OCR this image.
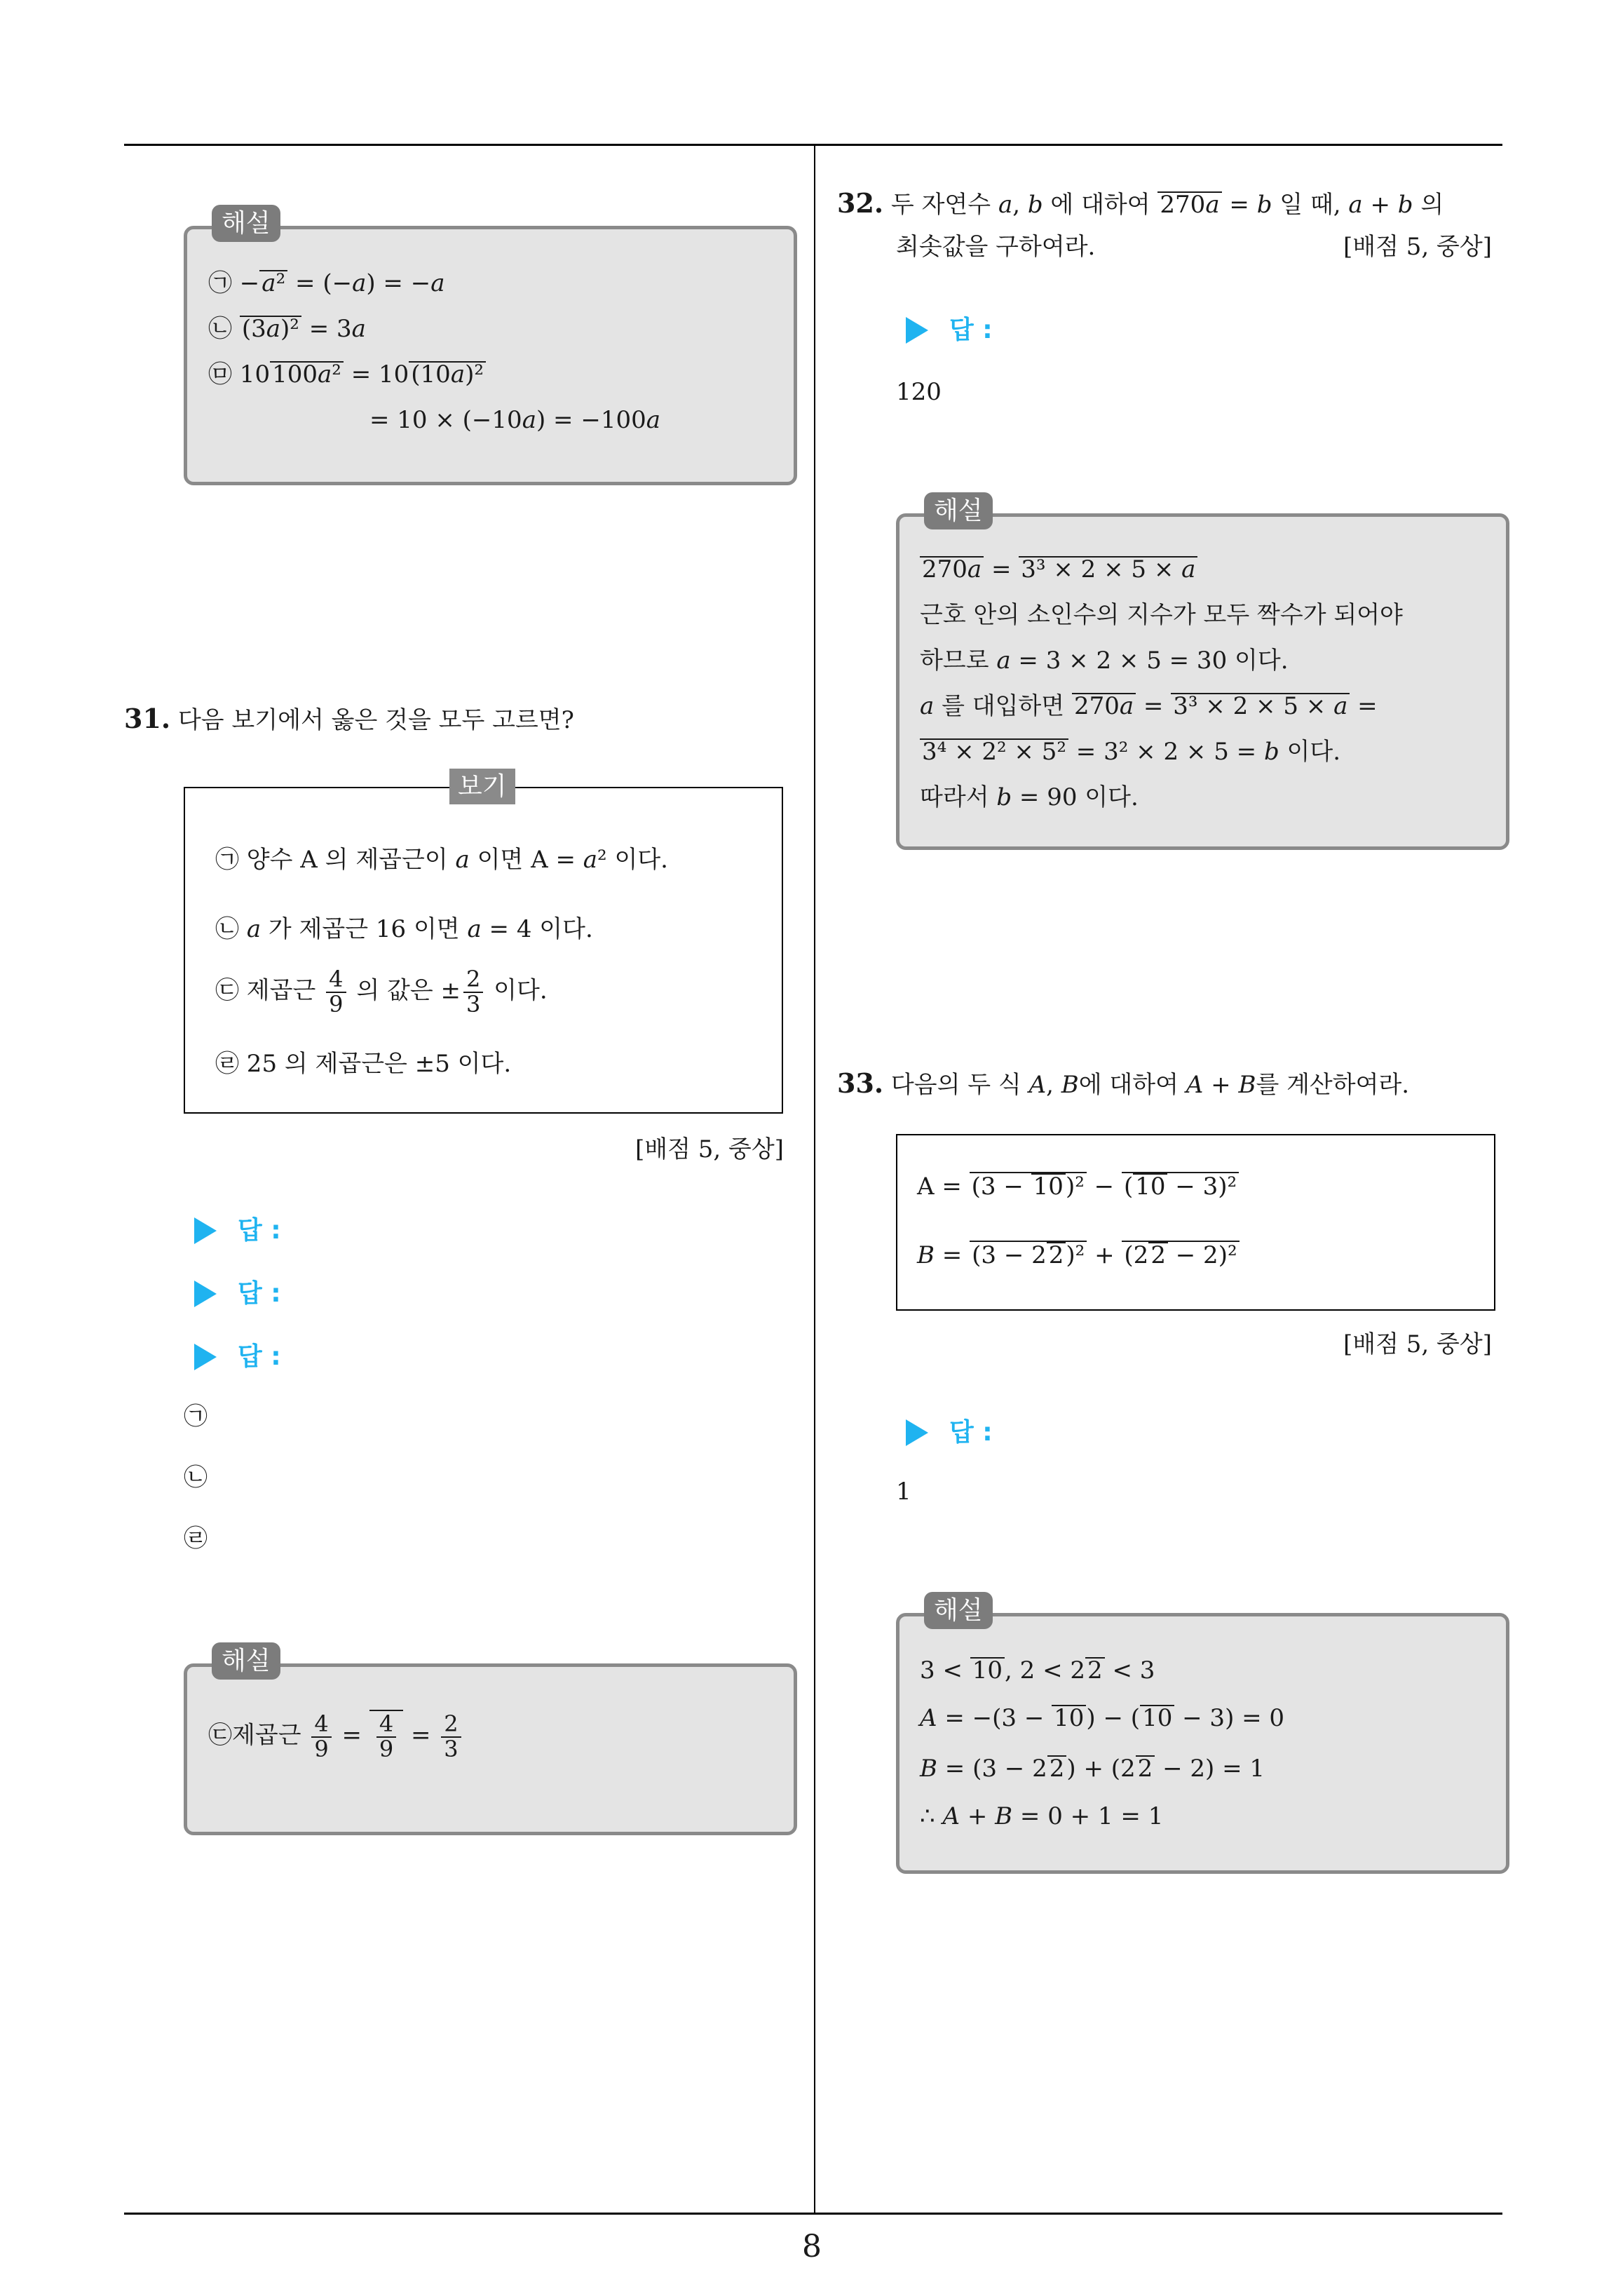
8
해설
㉠ −a² = (−a) = −a
㉡ (3a)² = 3a
㉤ 10100a² = 10(10a)²
= 10 × (−10a) = −100a
31. 다음 보기에서 옳은 것을 모두 고르면?
보기
㉠ 양수 A 의 제곱근이 a 이면 A = a² 이다.
㉡ a 가 제곱근 16 이면 a = 4 이다.
㉢ 제곱근 $\frac{4}{9}$ 의 값은 ± $\frac{2}{3}$ 이다.
㉣ 25 의 제곱근은 ±5 이다.
[배점 5, 중상]
답 :
답 :
답 :
㉠
㉡
㉣
해설
㉢제곱근 $\frac{4}{9} = \frac{4}{9} = \frac{2}{3}$
32. 두 자연수 a, b 에 대하여 270a = b 일 때, a + b 의
최솟값을 구하여라.	[배점 5, 중상]
답 :
120
해설
270a = 3³ × 2 × 5 × a
근호 안의 소인수의 지수가 모두 짝수가 되어야
하므로 a = 3 × 2 × 5 = 30 이다.
a 를 대입하면 270a = 3³ × 2 × 5 × a =
3⁴ × 2² × 5² = 3² × 2 × 5 = b 이다.
따라서 b = 90 이다.
33. 다음의 두 식 A, B에 대하여 A + B를 계산하여라.
A = (3 − 10)² − (10 − 3)²
B = (3 − 22)² + (22 − 2)²
[배점 5, 중상]
답 :
1
해설
3 < 10, 2 < 22 < 3
A = −(3 − 10) − (10 − 3) = 0
B = (3 − 22) + (22 − 2) = 1
∴ A + B = 0 + 1 = 1
